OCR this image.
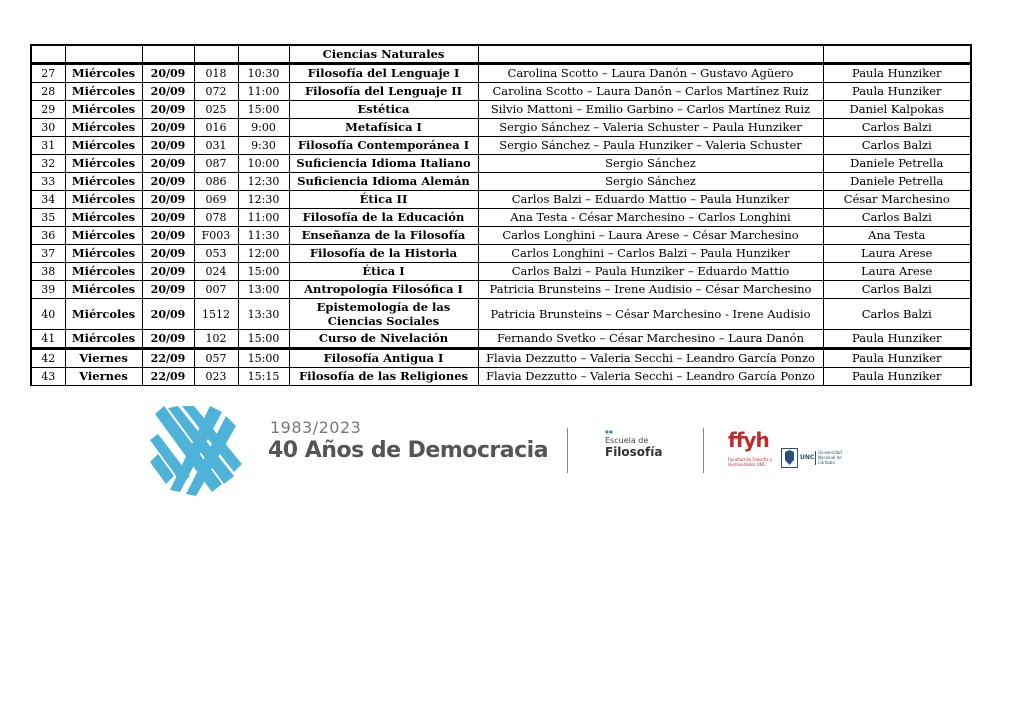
					Ciencias Naturales		
27	Miércoles	20/09	018	10:30	Filosofía del Lenguaje I	Carolina Scotto – Laura Danón – Gustavo Agüero	Paula Hunziker
28	Miércoles	20/09	072	11:00	Filosofía del Lenguaje II	Carolina Scotto – Laura Danón – Carlos Martínez Ruiz	Paula Hunziker
29	Miércoles	20/09	025	15:00	Estética	Silvio Mattoni – Emilio Garbino – Carlos Martínez Ruiz	Daniel Kalpokas
30	Miércoles	20/09	016	9:00	Metafísica I	Sergio Sánchez – Valeria Schuster – Paula Hunziker	Carlos Balzi
31	Miércoles	20/09	031	9:30	Filosofía Contemporánea I	Sergio Sánchez – Paula Hunziker – Valeria Schuster	Carlos Balzi
32	Miércoles	20/09	087	10:00	Suficiencia Idioma Italiano	Sergio Sánchez	Daniele Petrella
33	Miércoles	20/09	086	12:30	Suficiencia Idioma Alemán	Sergio Sánchez	Daniele Petrella
34	Miércoles	20/09	069	12:30	Ética II	Carlos Balzi – Eduardo Mattio – Paula Hunziker	César Marchesino
35	Miércoles	20/09	078	11:00	Filosofía de la Educación	Ana Testa - César Marchesino – Carlos Longhini	Carlos Balzi
36	Miércoles	20/09	F003	11:30	Enseñanza de la Filosofía	Carlos Longhini – Laura Arese – César Marchesino	Ana Testa
37	Miércoles	20/09	053	12:00	Filosofía de la Historia	Carlos Longhini – Carlos Balzi – Paula Hunziker	Laura Arese
38	Miércoles	20/09	024	15:00	Ética I	Carlos Balzi – Paula Hunziker – Eduardo Mattio	Laura Arese
39	Miércoles	20/09	007	13:00	Antropología Filosófica I	Patricia Brunsteins – Irene Audisio – César Marchesino	Carlos Balzi
40	Miércoles	20/09	1512	13:30	Epistemología de las Ciencias Sociales	Patricia Brunsteins – César Marchesino - Irene Audisio	Carlos Balzi
41	Miércoles	20/09	102	15:00	Curso de Nivelación	Fernando Svetko – César Marchesino – Laura Danón	Paula Hunziker
42	Viernes	22/09	057	15:00	Filosofía Antigua I	Flavia Dezzutto – Valeria Secchi – Leandro García Ponzo	Paula Hunziker
43	Viernes	22/09	023	15:15	Filosofía de las Religiones	Flavia Dezzutto – Valeria Secchi – Leandro García Ponzo	Paula Hunziker
1983/2023
40 Años de Democracia	Escuela de
Filosofía	ffyh
Facultad de Filosofía y Humanidades UNC
UNC
Universidad Nacional de Córdoba
